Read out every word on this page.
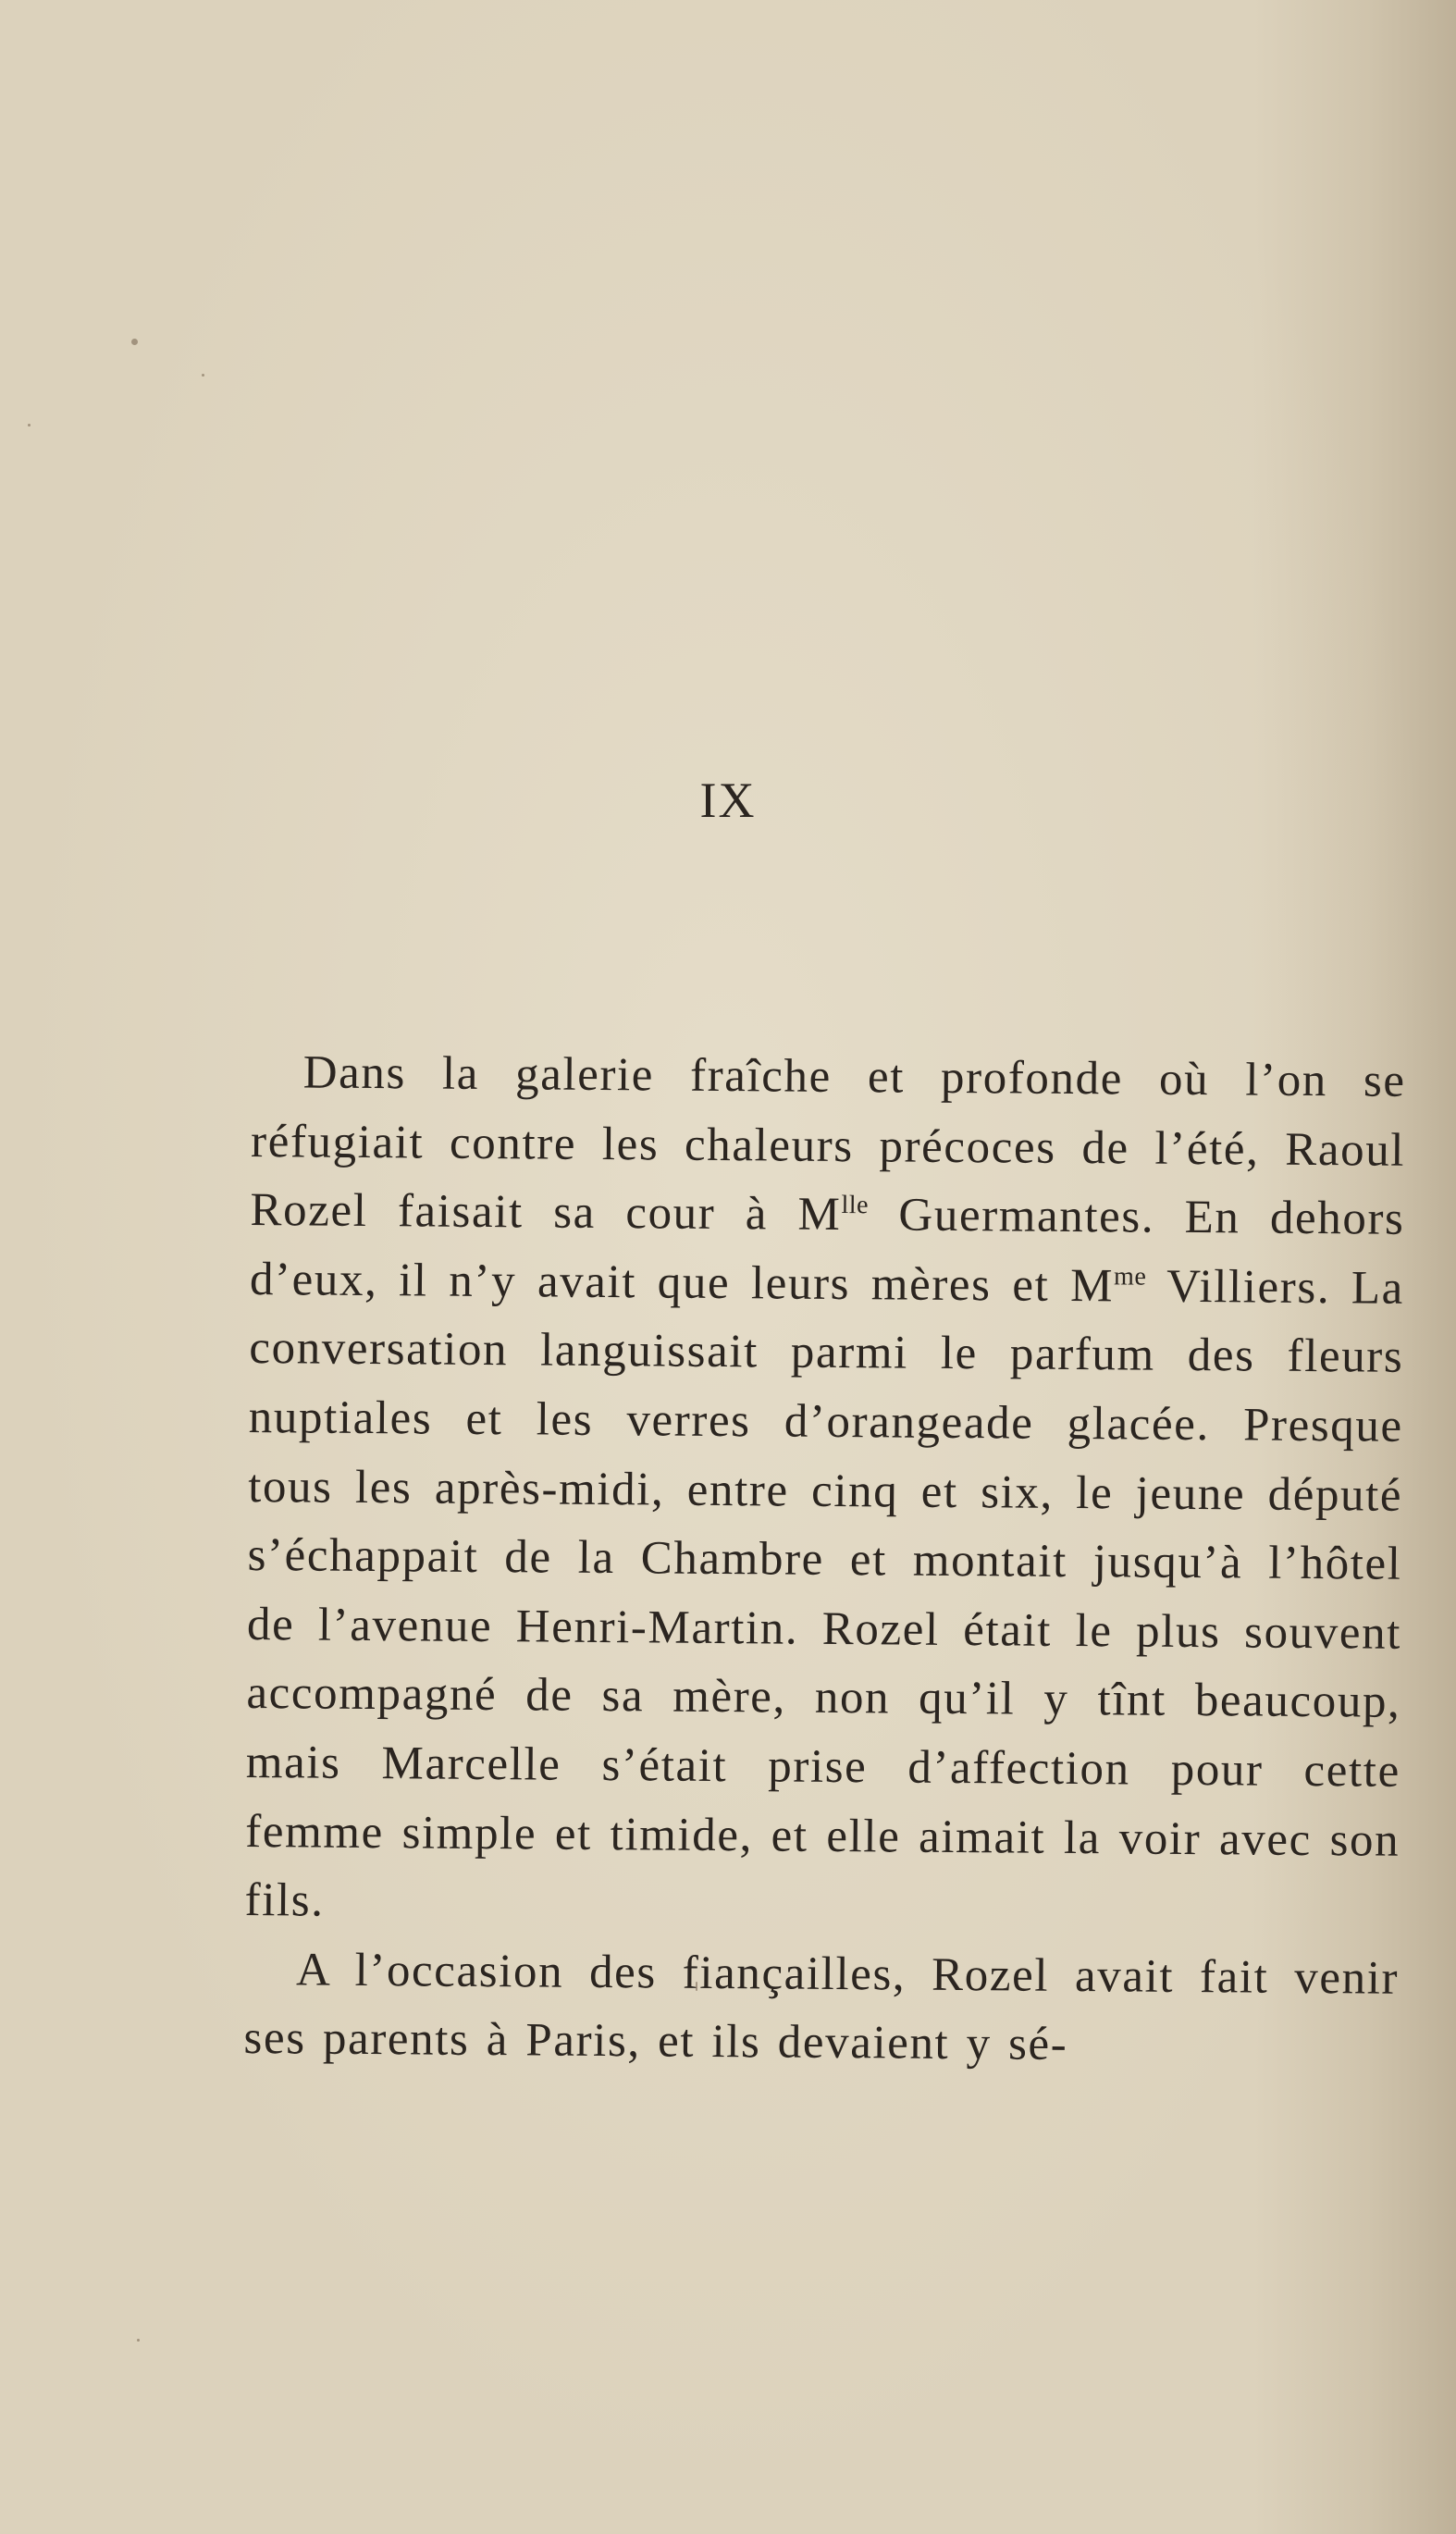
IX

Dans la galerie fraîche et profonde où l’on se réfugiait contre les chaleurs précoces de l’été, Raoul Rozel faisait sa cour à $M^{lle}$ Guermantes. En dehors d’eux, il n’y avait que leurs mères et $M^{me}$ Villiers. La conversation languissait parmi le parfum des fleurs nuptiales et les verres d’orangeade glacée. Presque tous les après-midi, entre cinq et six, le jeune député s’échappait de la Chambre et montait jusqu’à l’hôtel de l’avenue Henri-Martin. Rozel était le plus souvent accompagné de sa mère, non qu’il y tînt beaucoup, mais Marcelle s’était prise d’affection pour cette femme simple et timide, et elle aimait la voir avec son fils.

A l’occasion des fiançailles, Rozel avait fait venir ses parents à Paris, et ils devaient y sé-
